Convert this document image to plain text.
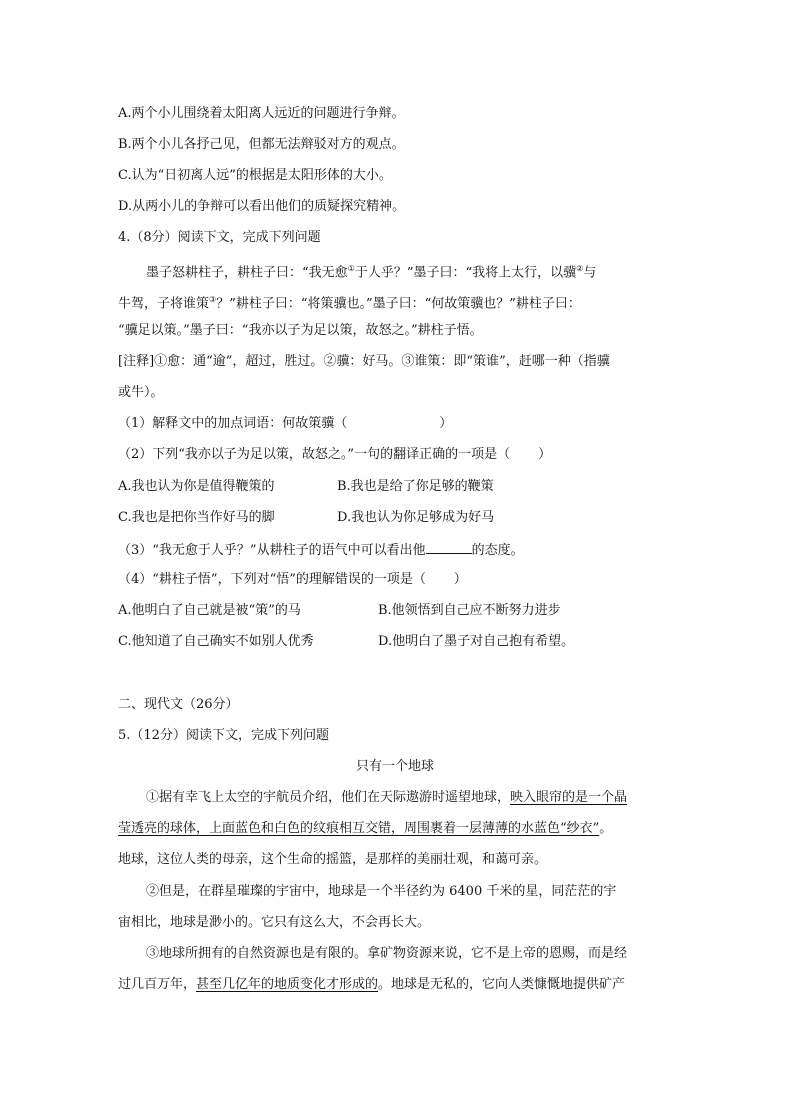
A.两个小儿围绕着太阳离人远近的问题进行争辩。
B.两个小儿各抒己见，但都无法辩驳对方的观点。
C.认为“日初离人远”的根据是太阳形体的大小。
D.从两小儿的争辩可以看出他们的质疑探究精神。
4.（8分）阅读下文，完成下列问题
墨子怒耕柱子，耕柱子曰：“我无愈①于人乎？”墨子曰：“我将上太行，以骥②与
牛驾，子将谁策③？”耕柱子曰：“将策骥也。”墨子曰：“何故策骥也？”耕柱子曰：
“骥足以策。”墨子曰：“我亦以子为足以策，故怒之。”耕柱子悟。
[注释]①愈：通“逾”，超过，胜过。②骥：好马。③谁策：即“策谁”，赶哪一种（指骥
或牛）。
（1）解释文中的加点词语：何故策骥（	）
（2）下列“我亦以子为足以策，故怒之。”一句的翻译正确的一项是（ ）
A.我也认为你是值得鞭策的	B.我也是给了你足够的鞭策
C.我也是把你当作好马的脚	D.我也认为你足够成为好马
（3）“我无愈于人乎？”从耕柱子的语气中可以看出他	的态度。
（4）“耕柱子悟”，下列对“悟”的理解错误的一项是（ ）
A.他明白了自己就是被“策”的马	B.他领悟到自己应不断努力进步
C.他知道了自己确实不如别人优秀	D.他明白了墨子对自己抱有希望。
二、现代文（26分）
5.（12分）阅读下文，完成下列问题
只有一个地球
①据有幸飞上太空的宇航员介绍，他们在天际遨游时遥望地球，映入眼帘的是一个晶
莹透亮的球体，上面蓝色和白色的纹痕相互交错，周围裹着一层薄薄的水蓝色“纱衣”。
地球，这位人类的母亲，这个生命的摇篮，是那样的美丽壮观，和蔼可亲。
②但是，在群星璀璨的宇宙中，地球是一个半径约为 6400 千米的星，同茫茫的宇
宙相比，地球是渺小的。它只有这么大，不会再长大。
③地球所拥有的自然资源也是有限的。拿矿物资源来说，它不是上帝的恩赐，而是经
过几百万年，甚至几亿年的地质变化才形成的。地球是无私的，它向人类慷慨地提供矿产
